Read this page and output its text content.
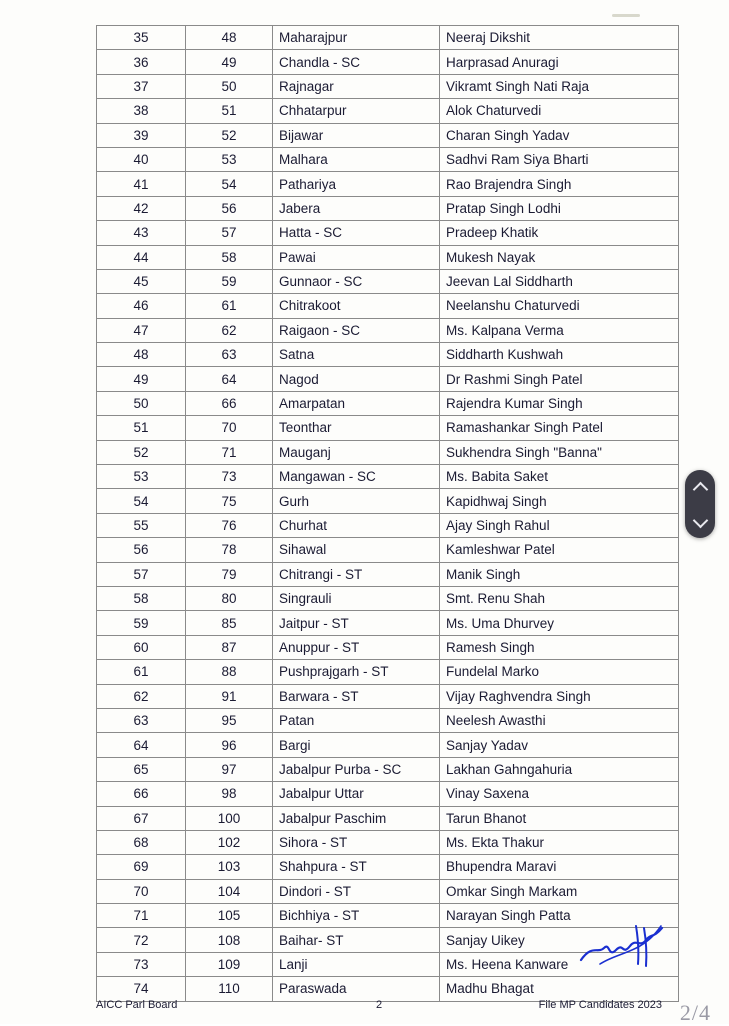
35	48	Maharajpur	Neeraj Dikshit
36	49	Chandla - SC	Harprasad Anuragi
37	50	Rajnagar	Vikramt Singh Nati Raja
38	51	Chhatarpur	Alok Chaturvedi
39	52	Bijawar	Charan Singh Yadav
40	53	Malhara	Sadhvi Ram Siya Bharti
41	54	Pathariya	Rao Brajendra Singh
42	56	Jabera	Pratap Singh Lodhi
43	57	Hatta - SC	Pradeep Khatik
44	58	Pawai	Mukesh Nayak
45	59	Gunnaor - SC	Jeevan Lal Siddharth
46	61	Chitrakoot	Neelanshu Chaturvedi
47	62	Raigaon - SC	Ms. Kalpana Verma
48	63	Satna	Siddharth Kushwah
49	64	Nagod	Dr Rashmi Singh Patel
50	66	Amarpatan	Rajendra Kumar Singh
51	70	Teonthar	Ramashankar Singh Patel
52	71	Mauganj	Sukhendra Singh "Banna"
53	73	Mangawan - SC	Ms. Babita Saket
54	75	Gurh	Kapidhwaj Singh
55	76	Churhat	Ajay Singh Rahul
56	78	Sihawal	Kamleshwar Patel
57	79	Chitrangi - ST	Manik Singh
58	80	Singrauli	Smt. Renu Shah
59	85	Jaitpur - ST	Ms. Uma Dhurvey
60	87	Anuppur - ST	Ramesh Singh
61	88	Pushprajgarh - ST	Fundelal Marko
62	91	Barwara - ST	Vijay Raghvendra Singh
63	95	Patan	Neelesh Awasthi
64	96	Bargi	Sanjay Yadav
65	97	Jabalpur Purba - SC	Lakhan Gahngahuria
66	98	Jabalpur Uttar	Vinay Saxena
67	100	Jabalpur Paschim	Tarun Bhanot
68	102	Sihora - ST	Ms. Ekta Thakur
69	103	Shahpura - ST	Bhupendra Maravi
70	104	Dindori - ST	Omkar Singh Markam
71	105	Bichhiya - ST	Narayan Singh Patta
72	108	Baihar- ST	Sanjay Uikey
73	109	Lanji	Ms. Heena Kanware
74	110	Paraswada	Madhu Bhagat
AICC Parl Board	2	File MP Candidates 2023 2/4
